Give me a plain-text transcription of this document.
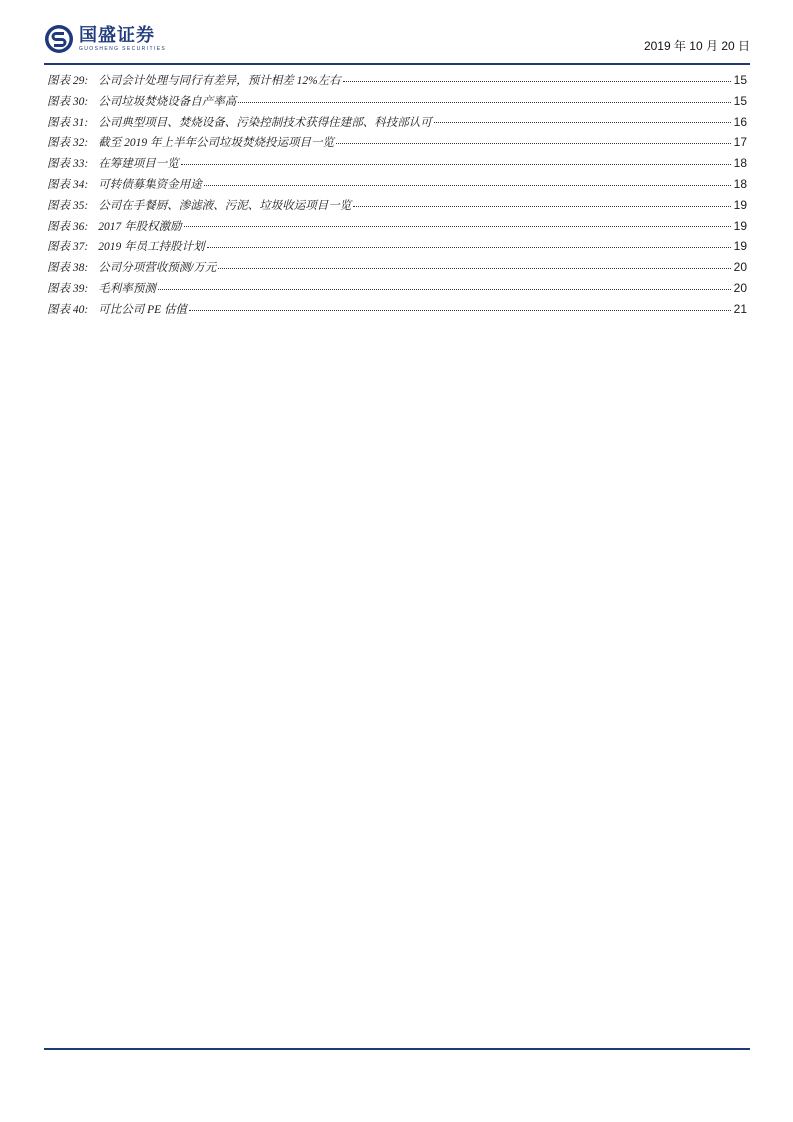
国盛证券
GUOSHENG SECURITIES	2019 年 10 月 20 日
图表 29: 公司会计处理与同行有差异，预计相差 12%左右	15
图表 30: 公司垃圾焚烧设备自产率高	15
图表 31: 公司典型项目、焚烧设备、污染控制技术获得住建部、科技部认可	16
图表 32: 截至 2019 年上半年公司垃圾焚烧投运项目一览	17
图表 33: 在筹建项目一览	18
图表 34: 可转债募集资金用途	18
图表 35: 公司在手餐厨、渗滤液、污泥、垃圾收运项目一览	19
图表 36: 2017 年股权激励	19
图表 37: 2019 年员工持股计划	19
图表 38: 公司分项营收预测/万元	20
图表 39: 毛利率预测	20
图表 40: 可比公司 PE 估值	21
